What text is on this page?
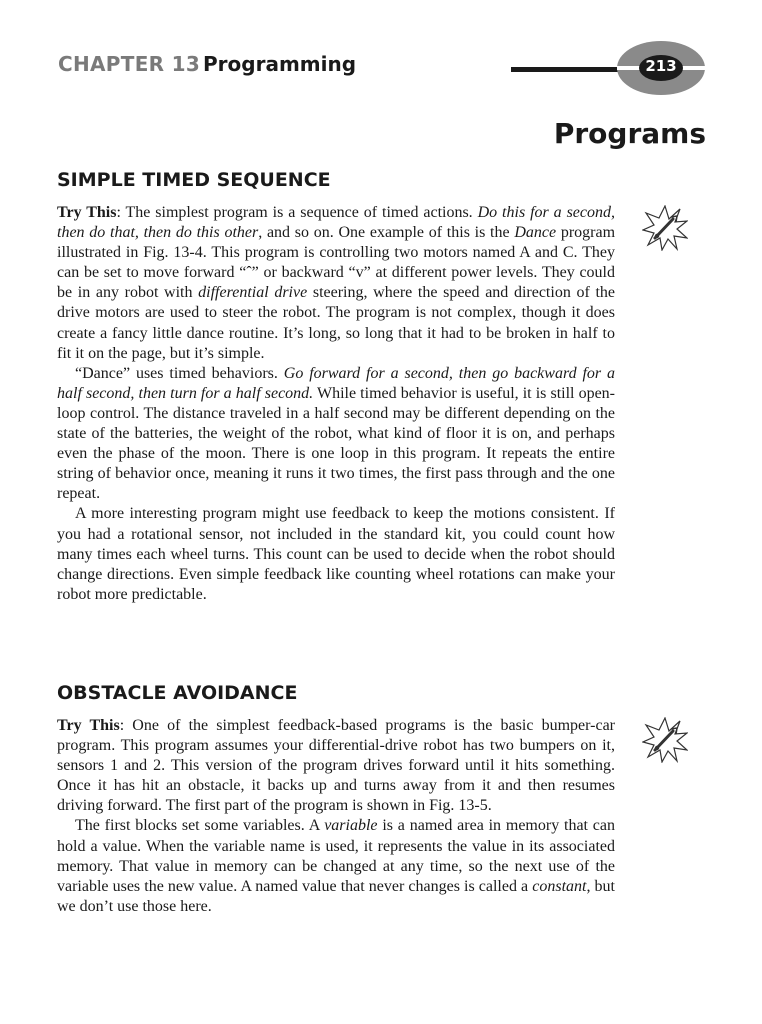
CHAPTER 13 Programming	213
Programs
SIMPLE TIMED SEQUENCE

Try This: The simplest program is a sequence of timed actions. Do this for a second, then do that, then do this other, and so on. One example of this is the Dance program illustrated in Fig. 13-4. This program is controlling two motors named A and C. They can be set to move forward “ˆ” or backward “v” at different power levels. They could be in any robot with differential drive steering, where the speed and direction of the drive motors are used to steer the robot. The program is not complex, though it does create a fancy little dance routine. It’s long, so long that it had to be broken in half to fit it on the page, but it’s simple.

“Dance” uses timed behaviors. Go forward for a second, then go backward for a half second, then turn for a half second. While timed behavior is useful, it is still open-loop control. The distance traveled in a half second may be different depending on the state of the batteries, the weight of the robot, what kind of floor it is on, and perhaps even the phase of the moon. There is one loop in this program. It repeats the entire string of behavior once, meaning it runs it two times, the first pass through and the one repeat.

A more interesting program might use feedback to keep the motions consistent. If you had a rotational sensor, not included in the standard kit, you could count how many times each wheel turns. This count can be used to decide when the robot should change directions. Even simple feedback like counting wheel rotations can make your robot more predictable.

OBSTACLE AVOIDANCE

Try This: One of the simplest feedback-based programs is the basic bumper-car program. This program assumes your differential-drive robot has two bumpers on it, sensors 1 and 2. This version of the program drives forward until it hits something. Once it has hit an obstacle, it backs up and turns away from it and then resumes driving forward. The first part of the program is shown in Fig. 13-5.

The first blocks set some variables. A variable is a named area in memory that can hold a value. When the variable name is used, it represents the value in its associated memory. That value in memory can be changed at any time, so the next use of the variable uses the new value. A named value that never changes is called a constant, but we don’t use those here.
